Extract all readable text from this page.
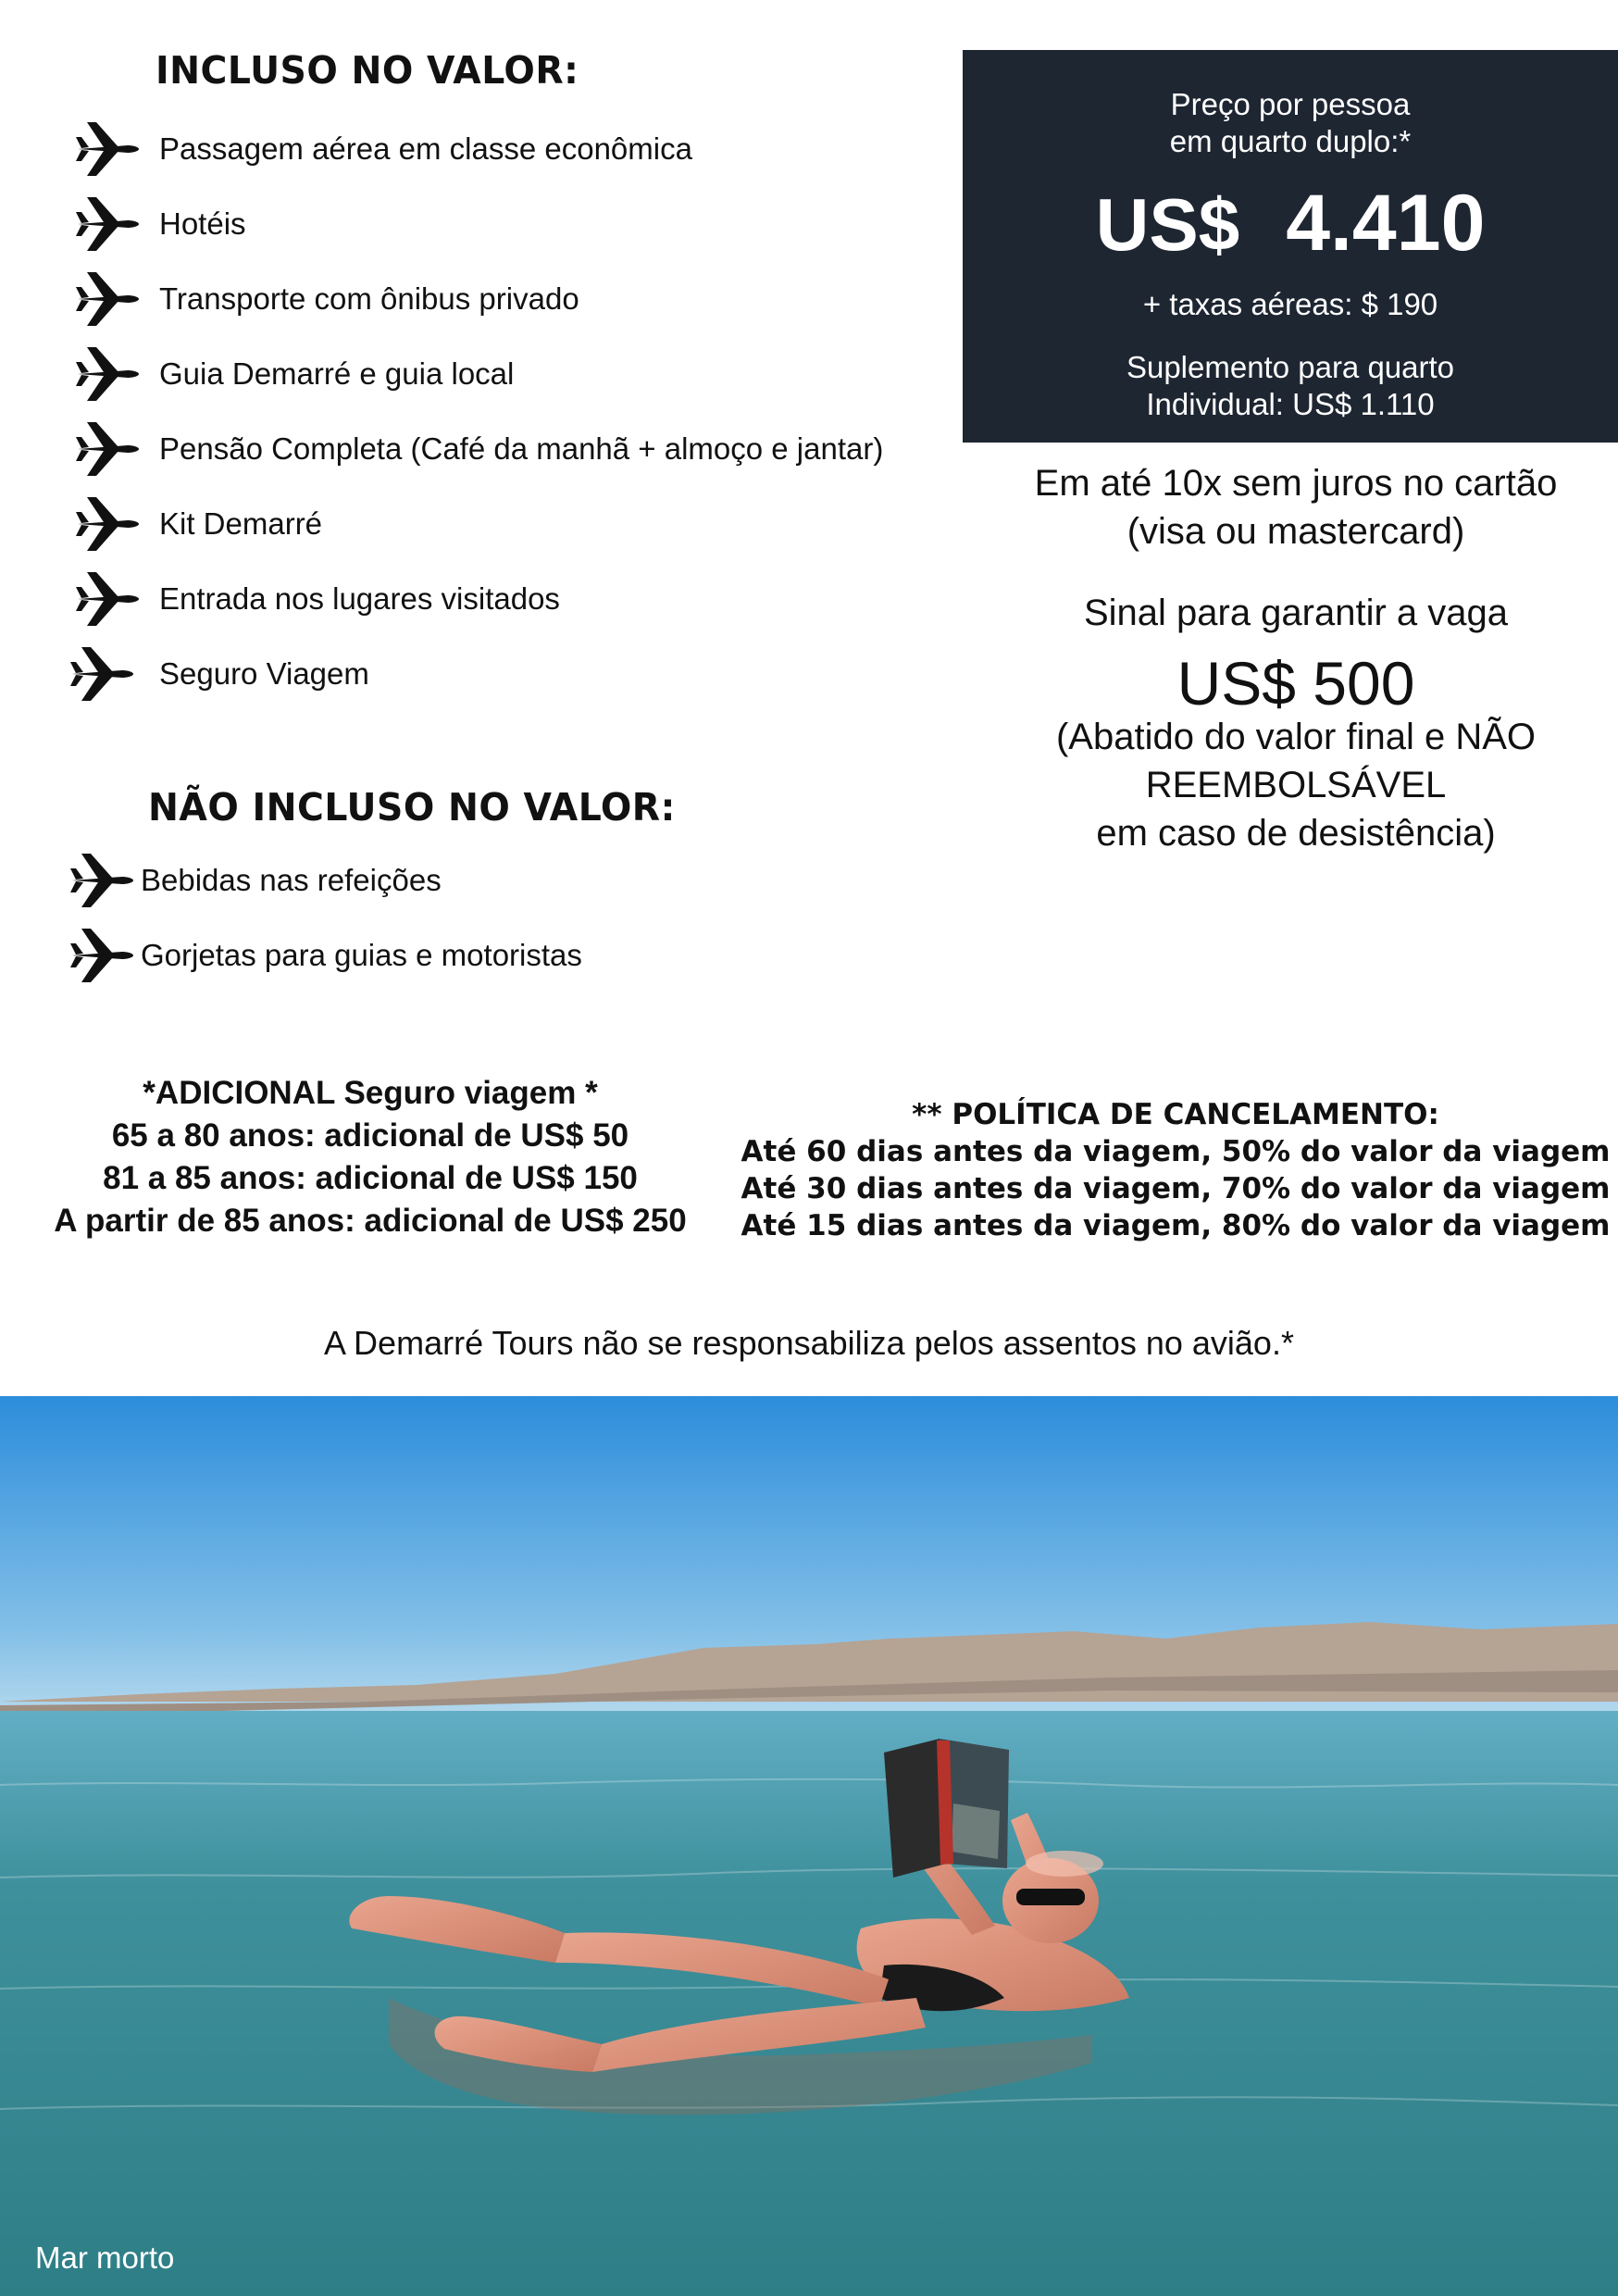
INCLUSO NO VALOR:
Passagem aérea em classe econômica
Hotéis
Transporte com ônibus privado
Guia Demarré e guia local
Pensão Completa (Café da manhã + almoço e jantar)
Kit Demarré
Entrada nos lugares visitados
Seguro Viagem
NÃO INCLUSO NO VALOR:
Bebidas nas refeições
Gorjetas para guias e motoristas
Preço por pessoa
em quarto duplo:*
US$ 4.410
+ taxas aéreas: $ 190
Suplemento para quarto
Individual: US$ 1.110
Em até 10x sem juros no cartão
(visa ou mastercard)
Sinal para garantir a vaga
US$ 500
(Abatido do valor final e NÃO
REEMBOLSÁVEL
em caso de desistência)
*ADICIONAL Seguro viagem *
65 a 80 anos: adicional de US$ 50
81 a 85 anos: adicional de US$ 150
A partir de 85 anos: adicional de US$ 250
** POLÍTICA DE CANCELAMENTO:
Até 60 dias antes da viagem, 50% do valor da viagem
Até 30 dias antes da viagem, 70% do valor da viagem
Até 15 dias antes da viagem, 80% do valor da viagem
A Demarré Tours não se responsabiliza pelos assentos no avião.*
Mar morto
